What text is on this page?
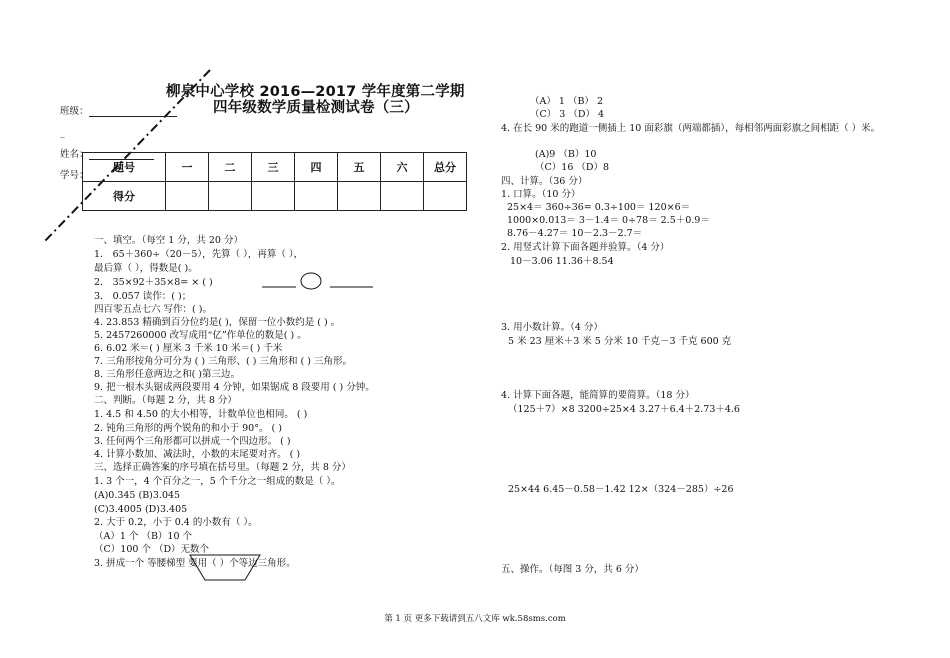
柳泉中心学校 2016—2017 学年度第二学期
四年级数学质量检测试卷（三）
班级：
_
姓名：
学号：
题号	一	二	三	四	五	六	总分
得分							
一、填空。（每空 1 分，共 20 分）
1． 65＋360÷（20－5），先算（ ），再算（ ），
最后算（ ），得数是( )。
2． 35×92＋35×8= × ( )
3． 0.057 读作：( )；
四百零五点七六 写作：( )。
4. 23.853 精确到百分位约是( )，保留一位小数约是 ( ) 。
5. 2457260000 改写成用“亿”作单位的数是( ) 。
6. 6.02 米＝( ) 厘米 3 千米 10 米＝( ) 千米
7. 三角形按角分可分为 ( ) 三角形、( ) 三角形和 ( ) 三角形。
8. 三角形任意两边之和( )第三边。
9. 把一根木头锯成两段要用 4 分钟，如果锯成 8 段要用 ( ) 分钟。
二、判断。（每题 2 分，共 8 分）
1. 4.5 和 4.50 的大小相等，计数单位也相同。 ( )
2. 钝角三角形的两个锐角的和小于 90°。 ( )
3. 任何两个三角形都可以拼成一个四边形。 ( )
4. 计算小数加、减法时，小数的末尾要对齐。 ( )
三、选择正确答案的序号填在括号里。（每题 2 分，共 8 分）
1. 3 个一，4 个百分之一，5 个千分之一组成的数是（ ）。
(A)0.345 (B)3.045
(C)3.4005 (D)3.405
2. 大于 0.2，小于 0.4 的小数有（ ）。
（A）1 个 （B）10 个
（C）100 个 （D）无数个
3. 拼成一个 等腰梯型 要用（ ）个等边三角形。
（A） 1 （B） 2
（C） 3 （D） 4
4. 在长 90 米的跑道一侧插上 10 面彩旗（两端都插），每相邻两面彩旗之间相距（ ）米。
(A)9 （B）10
（C）16 （D）8
四、计算。（36 分）
1. 口算。（10 分）
25×4＝ 360÷36= 0.3÷100＝ 120×6＝
1000×0.013＝ 3－1.4＝ 0÷78＝ 2.5＋0.9＝
8.76－4.27＝ 10－2.3－2.7＝
2. 用竖式计算下面各题并验算。（4 分）
10－3.06 11.36＋8.54
3. 用小数计算。（4 分）
5 米 23 厘米＋3 米 5 分米 10 千克－3 千克 600 克
4. 计算下面各题，能简算的要简算。（18 分）
（125＋7）×8 3200÷25×4 3.27＋6.4＋2.73＋4.6
25×44 6.45－0.58－1.42 12×（324－285）÷26
五、操作。（每图 3 分，共 6 分）
第 1 页 更多下载请到五八文库 wk.58sms.com
